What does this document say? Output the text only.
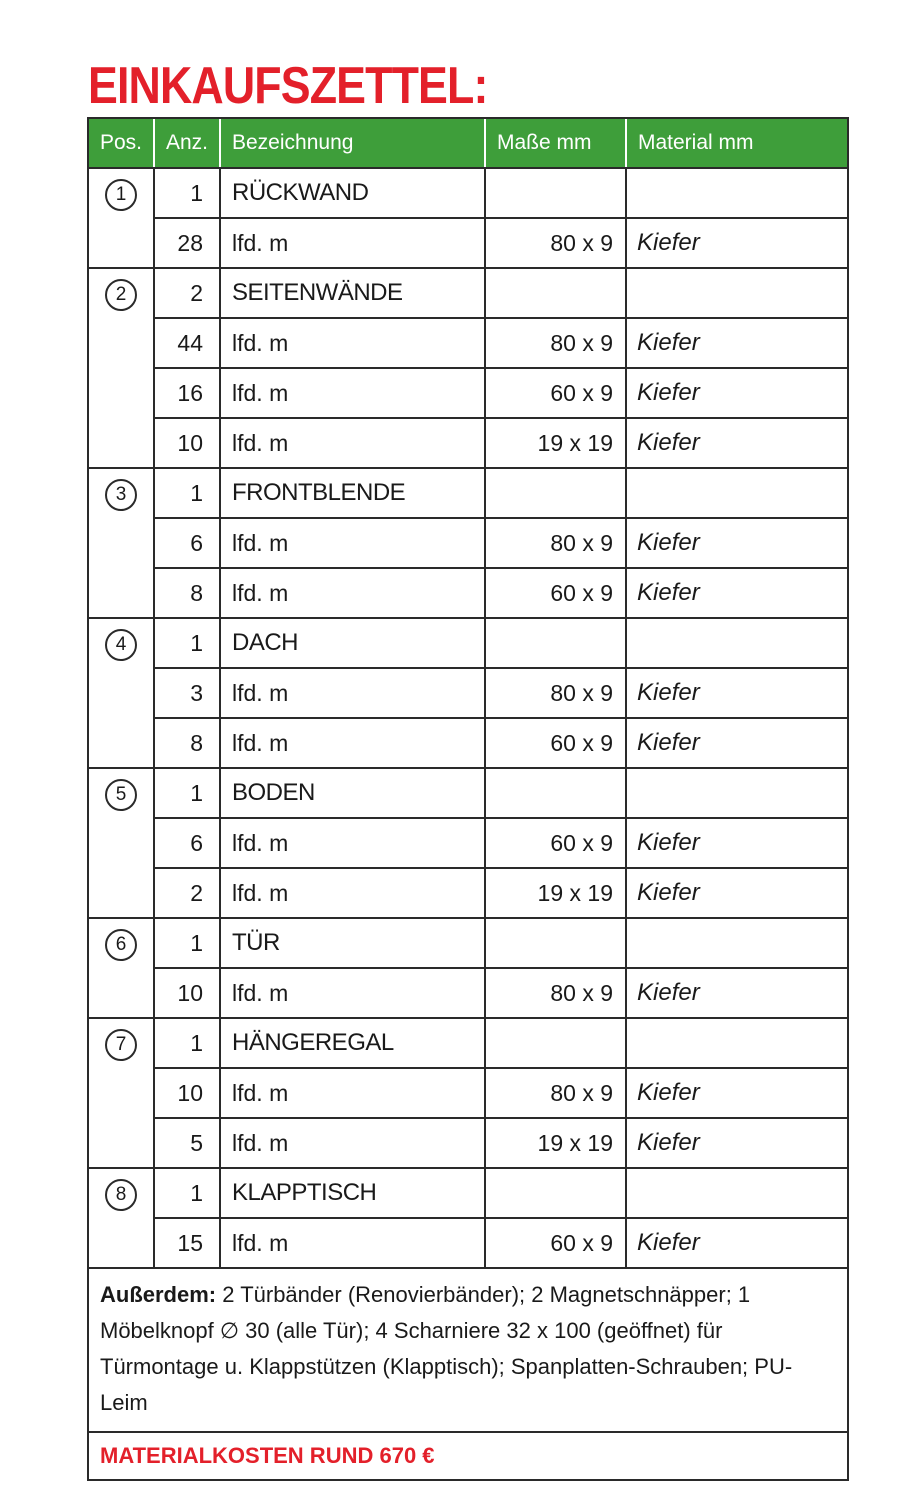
EINKAUFSZETTEL:
Pos.	Anz.	Bezeichnung	Maße mm	Material mm
1	1	RÜCKWAND		
	28	lfd. m	80 x 9	Kiefer
2	2	SEITENWÄNDE		
	44	lfd. m	80 x 9	Kiefer
	16	lfd. m	60 x 9	Kiefer
	10	lfd. m	19 x 19	Kiefer
3	1	FRONTBLENDE		
	6	lfd. m	80 x 9	Kiefer
	8	lfd. m	60 x 9	Kiefer
4	1	DACH		
	3	lfd. m	80 x 9	Kiefer
	8	lfd. m	60 x 9	Kiefer
5	1	BODEN		
	6	lfd. m	60 x 9	Kiefer
	2	lfd. m	19 x 19	Kiefer
6	1	TÜR		
	10	lfd. m	80 x 9	Kiefer
7	1	HÄNGEREGAL		
	10	lfd. m	80 x 9	Kiefer
	5	lfd. m	19 x 19	Kiefer
8	1	KLAPPTISCH		
	15	lfd. m	60 x 9	Kiefer
Außerdem: 2 Türbänder (Renovierbänder); 2 Magnetschnäpper; 1 Möbelknopf ∅ 30 (alle Tür); 4 Scharniere 32 x 100 (geöffnet) für Türmontage u. Klappstützen (Klapptisch); Spanplatten-Schrauben; PU-Leim
MATERIALKOSTEN RUND 670 €
